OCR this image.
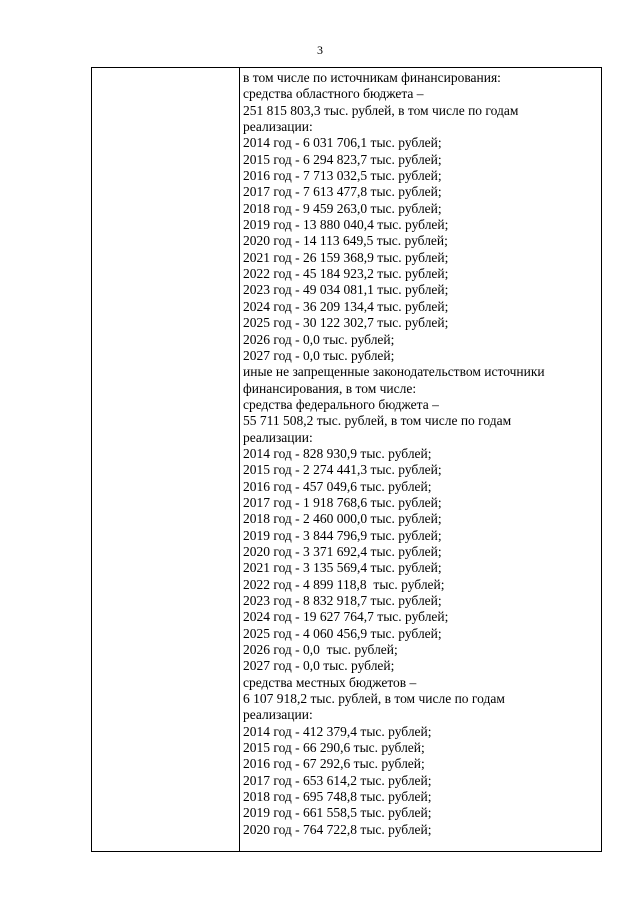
3
в том числе по источникам финансирования:
средства областного бюджета –
251 815 803,3 тыс. рублей, в том числе по годам
реализации:
2014 год - 6 031 706,1 тыс. рублей;
2015 год - 6 294 823,7 тыс. рублей;
2016 год - 7 713 032,5 тыс. рублей;
2017 год - 7 613 477,8 тыс. рублей;
2018 год - 9 459 263,0 тыс. рублей;
2019 год - 13 880 040,4 тыс. рублей;
2020 год - 14 113 649,5 тыс. рублей;
2021 год - 26 159 368,9 тыс. рублей;
2022 год - 45 184 923,2 тыс. рублей;
2023 год - 49 034 081,1 тыс. рублей;
2024 год - 36 209 134,4 тыс. рублей;
2025 год - 30 122 302,7 тыс. рублей;
2026 год - 0,0 тыс. рублей;
2027 год - 0,0 тыс. рублей;
иные не запрещенные законодательством источники
финансирования, в том числе:
средства федерального бюджета –
55 711 508,2 тыс. рублей, в том числе по годам
реализации:
2014 год - 828 930,9 тыс. рублей;
2015 год - 2 274 441,3 тыс. рублей;
2016 год - 457 049,6 тыс. рублей;
2017 год - 1 918 768,6 тыс. рублей;
2018 год - 2 460 000,0 тыс. рублей;
2019 год - 3 844 796,9 тыс. рублей;
2020 год - 3 371 692,4 тыс. рублей;
2021 год - 3 135 569,4 тыс. рублей;
2022 год - 4 899 118,8  тыс. рублей;
2023 год - 8 832 918,7 тыс. рублей;
2024 год - 19 627 764,7 тыс. рублей;
2025 год - 4 060 456,9 тыс. рублей;
2026 год - 0,0  тыс. рублей;
2027 год - 0,0 тыс. рублей;
средства местных бюджетов –
6 107 918,2 тыс. рублей, в том числе по годам
реализации:
2014 год - 412 379,4 тыс. рублей;
2015 год - 66 290,6 тыс. рублей;
2016 год - 67 292,6 тыс. рублей;
2017 год - 653 614,2 тыс. рублей;
2018 год - 695 748,8 тыс. рублей;
2019 год - 661 558,5 тыс. рублей;
2020 год - 764 722,8 тыс. рублей;
